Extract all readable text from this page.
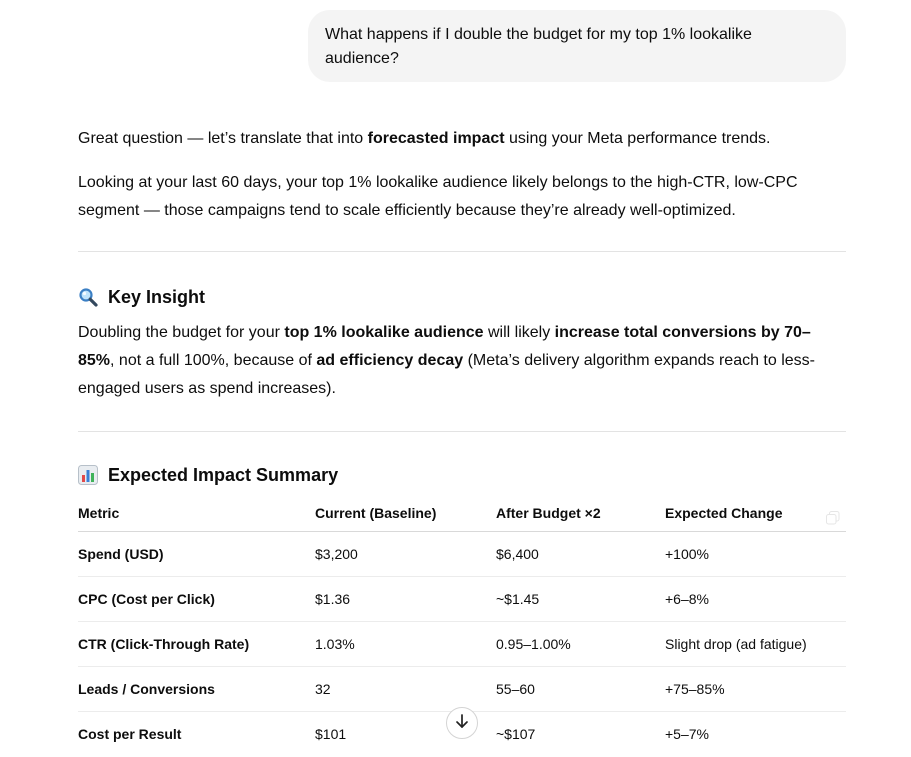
What happens if I double the budget for my top 1% lookalike audience?

Great question — let’s translate that into forecasted impact using your Meta performance trends.

Looking at your last 60 days, your top 1% lookalike audience likely belongs to the high-CTR, low-CPC segment — those campaigns tend to scale efficiently because they’re already well-optimized.

Key Insight

Doubling the budget for your top 1% lookalike audience will likely increase total conversions by 70–85%, not a full 100%, because of ad efficiency decay (Meta’s delivery algorithm expands reach to less-engaged users as spend increases).

Expected Impact Summary
Metric	Current (Baseline)	After Budget ×2	Expected Change

Spend (USD)	$3,200	$6,400	+100%
CPC (Cost per Click)	$1.36	~$1.45	+6–8%
CTR (Click-Through Rate)	1.03%	0.95–1.00%	Slight drop (ad fatigue)
Leads / Conversions	32	55–60	+75–85%
Cost per Result	$101	~$107	+5–7%
